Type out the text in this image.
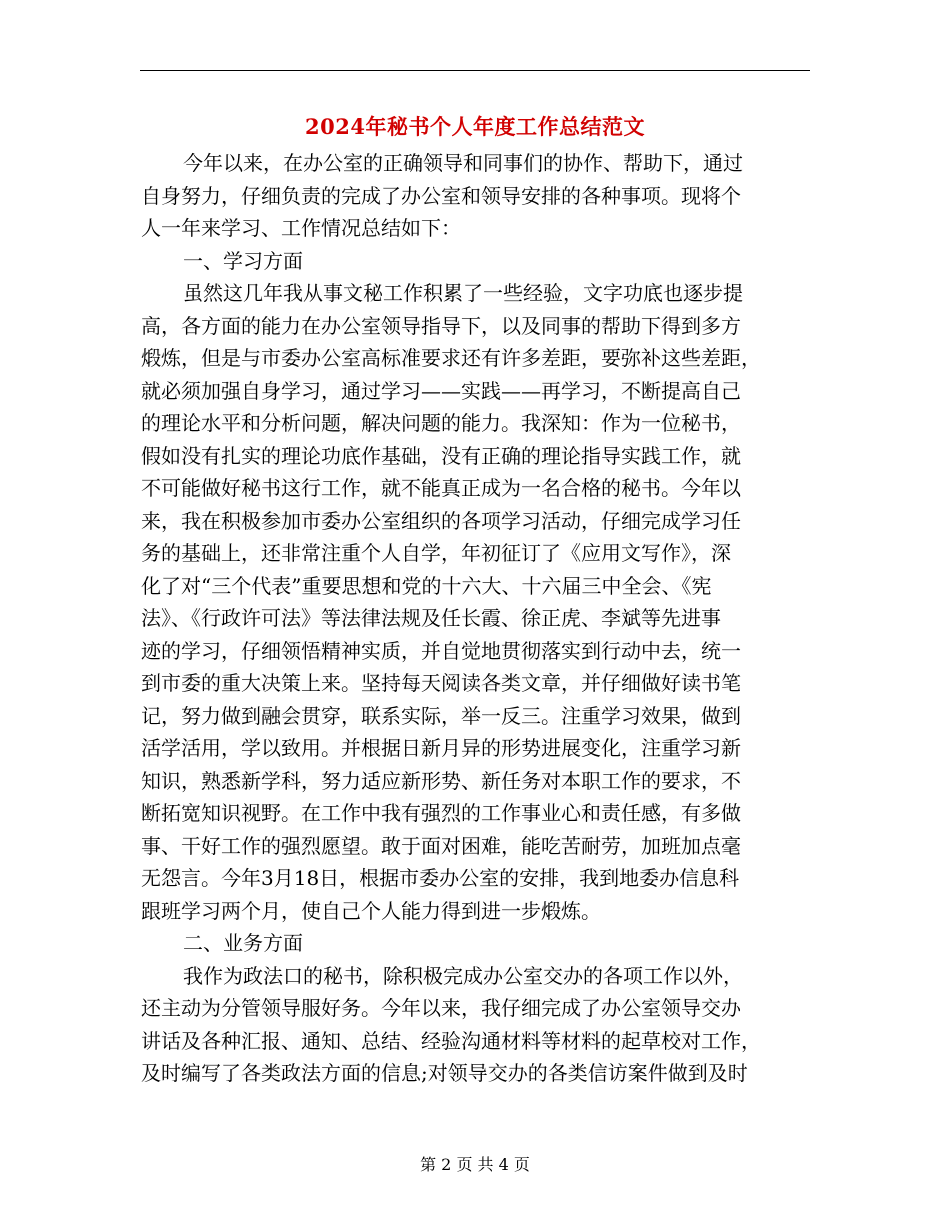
2024年秘书个人年度工作总结范文
今年以来，在办公室的正确领导和同事们的协作、帮助下，通过
自身努力，仔细负责的完成了办公室和领导安排的各种事项。现将个
人一年来学习、工作情况总结如下：
一、学习方面
虽然这几年我从事文秘工作积累了一些经验，文字功底也逐步提
高，各方面的能力在办公室领导指导下，以及同事的帮助下得到多方
煅炼，但是与市委办公室高标准要求还有许多差距，要弥补这些差距，
就必须加强自身学习，通过学习——实践——再学习，不断提高自己
的理论水平和分析问题，解决问题的能力。我深知：作为一位秘书，
假如没有扎实的理论功底作基础，没有正确的理论指导实践工作，就
不可能做好秘书这行工作，就不能真正成为一名合格的秘书。今年以
来，我在积极参加市委办公室组织的各项学习活动，仔细完成学习任
务的基础上，还非常注重个人自学，年初征订了《应用文写作》，深
化了对“三个代表”重要思想和党的十六大、十六届三中全会、《宪
法》、《行政许可法》等法律法规及任长霞、徐正虎、李斌等先进事
迹的学习，仔细领悟精神实质，并自觉地贯彻落实到行动中去，统一
到市委的重大决策上来。坚持每天阅读各类文章，并仔细做好读书笔
记，努力做到融会贯穿，联系实际，举一反三。注重学习效果，做到
活学活用，学以致用。并根据日新月异的形势进展变化，注重学习新
知识，熟悉新学科，努力适应新形势、新任务对本职工作的要求，不
断拓宽知识视野。在工作中我有强烈的工作事业心和责任感，有多做
事、干好工作的强烈愿望。敢于面对困难，能吃苦耐劳，加班加点毫
无怨言。今年3月18日，根据市委办公室的安排，我到地委办信息科
跟班学习两个月，使自己个人能力得到进一步煅炼。
二、业务方面
我作为政法口的秘书，除积极完成办公室交办的各项工作以外，
还主动为分管领导服好务。今年以来，我仔细完成了办公室领导交办
讲话及各种汇报、通知、总结、经验沟通材料等材料的起草校对工作，
及时编写了各类政法方面的信息;对领导交办的各类信访案件做到及时
第 2 页 共 4 页
